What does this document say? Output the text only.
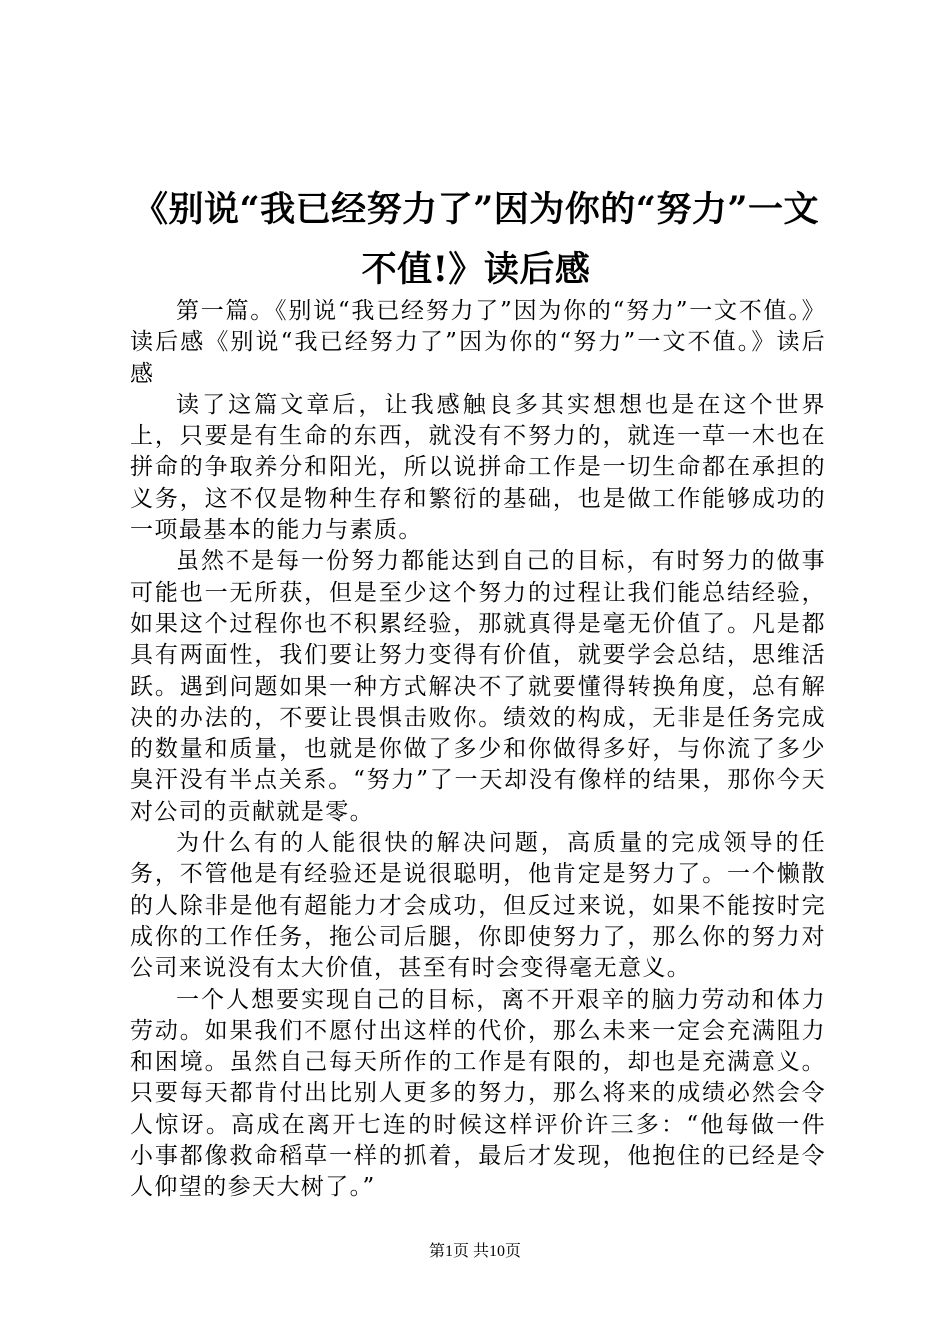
《别说“我已经努力了”因为你的“努力”一文不值!》读后感

第一篇。《别说“我已经努力了”因为你的“努力”一文不值。》读后感《别说“我已经努力了”因为你的“努力”一文不值。》读后感

读了这篇文章后，让我感触良多其实想想也是在这个世界上，只要是有生命的东西，就没有不努力的，就连一草一木也在拼命的争取养分和阳光，所以说拼命工作是一切生命都在承担的义务，这不仅是物种生存和繁衍的基础，也是做工作能够成功的一项最基本的能力与素质。

虽然不是每一份努力都能达到自己的目标，有时努力的做事可能也一无所获，但是至少这个努力的过程让我们能总结经验，如果这个过程你也不积累经验，那就真得是毫无价值了。凡是都具有两面性，我们要让努力变得有价值，就要学会总结，思维活跃。遇到问题如果一种方式解决不了就要懂得转换角度，总有解决的办法的，不要让畏惧击败你。绩效的构成，无非是任务完成的数量和质量，也就是你做了多少和你做得多好，与你流了多少臭汗没有半点关系。“努力”了一天却没有像样的结果，那你今天对公司的贡献就是零。

为什么有的人能很快的解决问题，高质量的完成领导的任务，不管他是有经验还是说很聪明，他肯定是努力了。一个懒散的人除非是他有超能力才会成功，但反过来说，如果不能按时完成你的工作任务，拖公司后腿，你即使努力了，那么你的努力对公司来说没有太大价值，甚至有时会变得毫无意义。

一个人想要实现自己的目标，离不开艰辛的脑力劳动和体力劳动。如果我们不愿付出这样的代价，那么未来一定会充满阻力和困境。虽然自己每天所作的工作是有限的，却也是充满意义。只要每天都肯付出比别人更多的努力，那么将来的成绩必然会令人惊讶。高成在离开七连的时候这样评价许三多：“他每做一件小事都像救命稻草一样的抓着，最后才发现，他抱住的已经是令人仰望的参天大树了。”

第1页 共10页
